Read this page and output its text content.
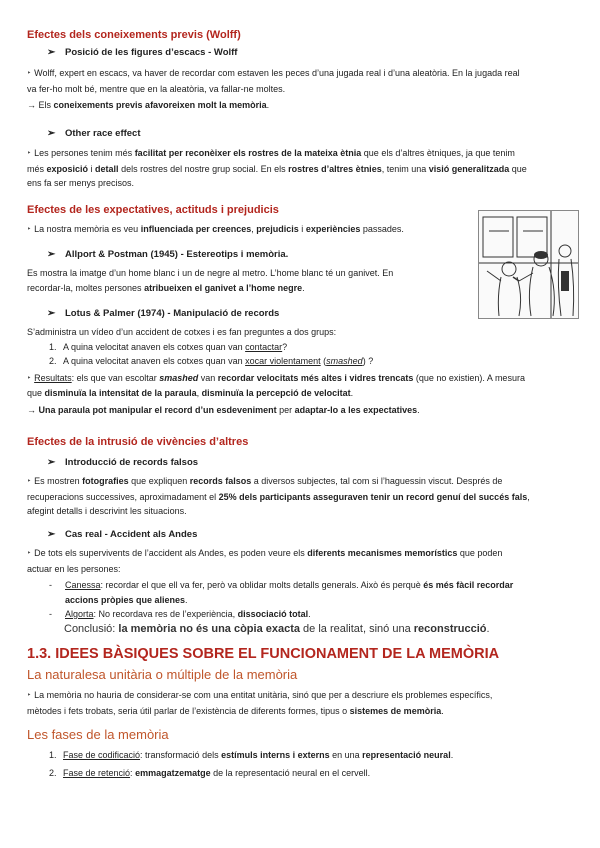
Efectes dels coneixements previs (Wolff)
➢ Posició de les figures d’escacs - Wolff
‣ Wolff, expert en escacs, va haver de recordar com estaven les peces d’una jugada real i d’una aleatòria. En la jugada real
va fer-ho molt bé, mentre que en la aleatòria, va fallar-ne moltes.
→ Els coneixements previs afavoreixen molt la memòria.
➢ Other race effect
‣ Les persones tenim més facilitat per reconèixer els rostres de la mateixa ètnia que els d’altres ètniques, ja que tenim
més exposició i detall dels rostres del nostre grup social. En els rostres d’altres ètnies, tenim una visió generalitzada que
ens fa ser menys precisos.
Efectes de les expectatives, actituds i prejudicis
‣ La nostra memòria es veu influenciada per creences, prejudicis i experiències passades.
➢ Allport & Postman (1945) - Estereotips i memòria.
Es mostra la imatge d’un home blanc i un de negre al metro. L’home blanc té un ganivet. En
recordar-la, moltes persones atribueixen el ganivet a l’home negre.
➢ Lotus & Palmer (1974) - Manipulació de records
S’administra un vídeo d’un accident de cotxes i es fan preguntes a dos grups:
1. A quina velocitat anaven els cotxes quan van contactar?
2. A quina velocitat anaven els cotxes quan van xocar violentament (smashed) ?
‣ Resultats: els que van escoltar smashed van recordar velocitats més altes i vidres trencats (que no existien). A mesura
que disminuïa la intensitat de la paraula, disminuïa la percepció de velocitat.
→ Una paraula pot manipular el record d’un esdeveniment per adaptar-lo a les expectatives.
Efectes de la intrusió de vivències d’altres
➢ Introducció de records falsos
‣ Es mostren fotografies que expliquen records falsos a diversos subjectes, tal com si l’haguessin viscut. Després de
recuperacions successives, aproximadament el 25% dels participants asseguraven tenir un record genuí del succés fals,
afegint detalls i descrivint les situacions.
➢ Cas real - Accident als Andes
‣ De tots els supervivents de l’accident als Andes, es poden veure els diferents mecanismes memorístics que poden
actuar en les persones:
-	Canessa: recordar el que ell va fer, però va oblidar molts detalls generals. Això és perquè és més fàcil recordar
accions pròpies que alienes.
-	Algorta: No recordava res de l’experiència, dissociació total.
Conclusió: la memòria no és una còpia exacta de la realitat, sinó una reconstrucció.
1.3. IDEES BÀSIQUES SOBRE EL FUNCIONAMENT DE LA MEMÒRIA
La naturalesa unitària o múltiple de la memòria
‣ La memòria no hauria de considerar-se com una entitat unitària, sinó que per a descriure els problemes específics,
mètodes i fets trobats, seria útil parlar de l’existència de diferents formes, tipus o sistemes de memòria.
Les fases de la memòria
1. Fase de codificació: transformació dels estímuls interns i externs en una representació neural.
2. Fase de retenció: emmagatzematge de la representació neural en el cervell.
